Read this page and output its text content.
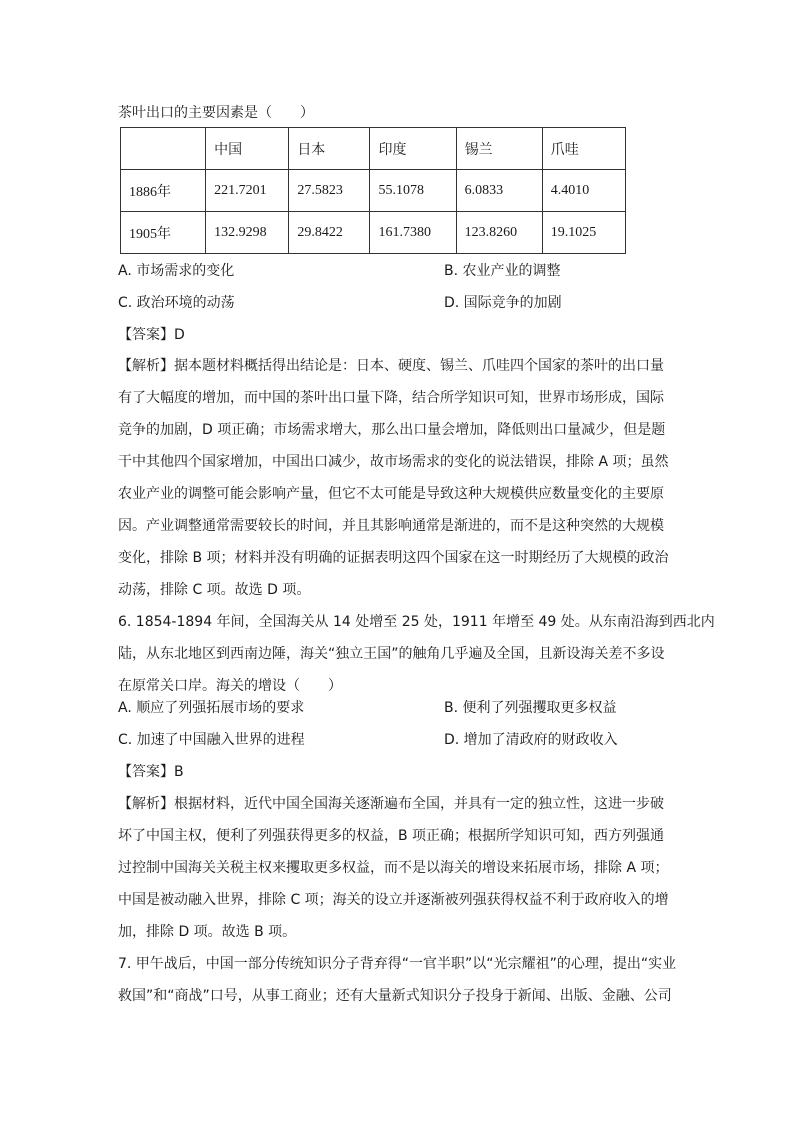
茶叶出口的主要因素是（　　）
	中国	日本	印度	锡兰	爪哇
1886年	221.7201	27.5823	55.1078	6.0833	4.4010
1905年	132.9298	29.8422	161.7380	123.8260	19.1025
A. 市场需求的变化	B. 农业产业的调整
C. 政治环境的动荡	D. 国际竞争的加剧
【答案】D
【解析】据本题材料概括得出结论是：日本、硬度、锡兰、爪哇四个国家的茶叶的出口量
有了大幅度的增加，而中国的茶叶出口量下降，结合所学知识可知，世界市场形成，国际
竞争的加剧，D 项正确；市场需求增大，那么出口量会增加，降低则出口量减少，但是题
干中其他四个国家增加，中国出口减少，故市场需求的变化的说法错误，排除 A 项；虽然
农业产业的调整可能会影响产量，但它不太可能是导致这种大规模供应数量变化的主要原
因。产业调整通常需要较长的时间，并且其影响通常是渐进的，而不是这种突然的大规模
变化，排除 B 项；材料并没有明确的证据表明这四个国家在这一时期经历了大规模的政治
动荡，排除 C 项。故选 D 项。
6. 1854-1894 年间，全国海关从 14 处增至 25 处，1911 年增至 49 处。从东南沿海到西北内
陆，从东北地区到西南边陲，海关“独立王国”的触角几乎遍及全国，且新设海关差不多设
在原常关口岸。海关的增设（　　）
A. 顺应了列强拓展市场的要求	B. 便利了列强攫取更多权益
C. 加速了中国融入世界的进程	D. 增加了清政府的财政收入
【答案】B
【解析】根据材料，近代中国全国海关逐渐遍布全国，并具有一定的独立性，这进一步破
坏了中国主权，便利了列强获得更多的权益，B 项正确；根据所学知识可知，西方列强通
过控制中国海关关税主权来攫取更多权益，而不是以海关的增设来拓展市场，排除 A 项；
中国是被动融入世界，排除 C 项；海关的设立并逐渐被列强获得权益不利于政府收入的增
加，排除 D 项。故选 B 项。
7. 甲午战后，中国一部分传统知识分子背弃得“一官半职”以“光宗耀祖”的心理，提出“实业
救国”和“商战”口号，从事工商业；还有大量新式知识分子投身于新闻、出版、金融、公司
